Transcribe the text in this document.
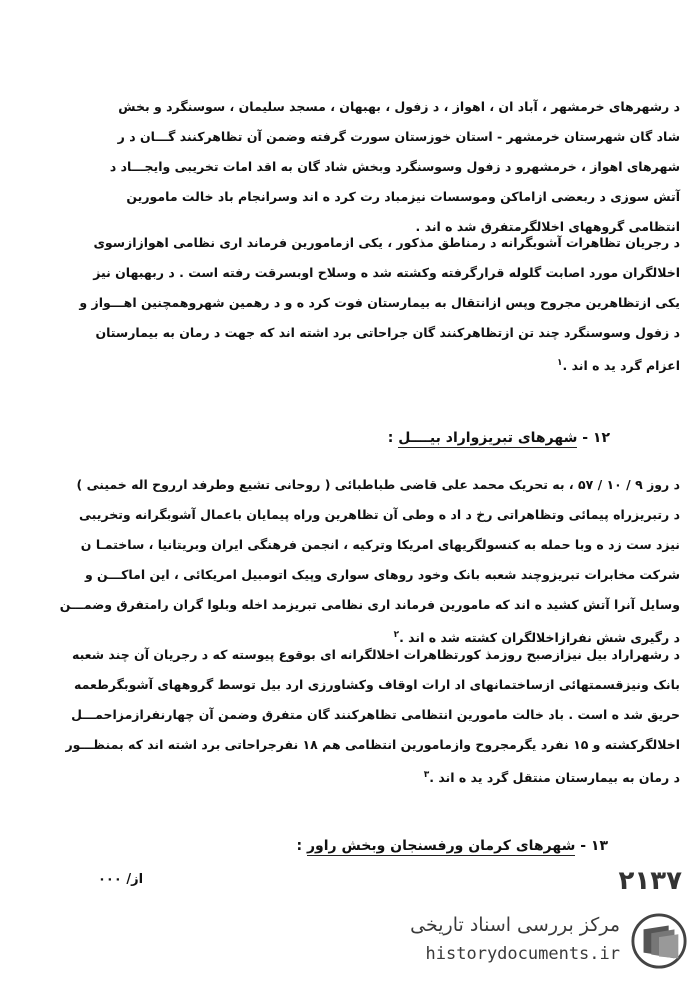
د رشهرهای خرمشهر ، آباد ان ، اهواز ، د زفول ، بهبهان ، مسجد سلیمان ، سوسنگرد و بخش
شاد گان شهرستان خرمشهر - استان خوزستان سورت گرفته وضمن آن تظاهرکنند گـــان د ر
شهرهای اهواز ، خرمشهرو د زفول وسوسنگرد وبخش شاد گان به اقد امات تخریبی وایجـــاد د
آتش سوزی د ربعضی ازاماکن وموسسات نیزمباد رت کرد ه اند وسرانجام باد خالت مامورین
انتظامی گروههای اخلالگرمتفرق شد ه اند .
د رجریان تظاهرات آشوبگرانه د رمناطق مذکور ، یکی ازمامورین فرماند اری نظامی اهوازازسوی
اخلالگران مورد اصابت گلوله قرارگرفته وکشته شد ه وسلاح اوبسرقت رفته است . د ربهبهان نیز
یکی ازتظاهرین مجروح وپس ازانتقال به بیمارستان فوت کرد ه و د رهمین شهروهمچنین اهـــواز و
د زفول وسوسنگرد چند تن ازتظاهرکنند گان جراحاتی برد اشته اند که جهت د رمان به بیمارستان
اعزام گرد ید ه اند .$^۱$
۱۲ - شهرهای تبریزواراد بیــــل :
د روز ۹ / ۱۰ / ۵۷ ، به تحریک محمد علی قاضی طباطبائی ( روحانی تشیع وطرفد ارروح اله خمینی )
د رتبریزراه پیمائی وتظاهراتی رخ د اد ه وطی آن تظاهرین وراه پیمایان باعمال آشوبگرانه وتخریبی
نیزد ست زد ه وبا حمله به کنسولگریهای امریکا وترکیه ، انجمن فرهنگی ایران وبریتانیا ، ساختمـا ن
شرکت مخابرات تبریزوچند شعبه بانک وخود روهای سواری وپیک اتومبیل امریکائی ، این اماکـــن و
وسایل آنرا آتش کشید ه اند که مامورین فرماند اری نظامی تبریزمد اخله وبلوا گران رامتفرق وضمـــن
د رگیری شش نفرازاخلالگران کشته شد ه اند .$^۲$
د رشهراراد بیل نیزازصبح روزمذ کورتظاهرات اخلالگرانه ای بوقوع پیوسته که د رجریان آن چند شعبه
بانک ونیزقسمتهائی ازساختمانهای اد ارات اوقاف وکشاورزی ارد بیل توسط گروههای آشوبگرطعمه
حریق شد ه است . باد خالت مامورین انتظامی تظاهرکنند گان متفرق وضمن آن چهارنفرازمزاحمـــل
اخلالگرکشته و ۱۵ نفرد یگرمجروح وازمامورین انتظامی هم ۱۸ نفرجراحاتی برد اشته اند که بمنظـــور
د رمان به بیمارستان منتقل گرد ید ه اند .$^۳$
۱۳ - شهرهای کرمان ورفسنجان وبخش راور :
از/ ۰۰۰	۲۱۳۷
مرکز بررسی اسناد تاریخی
historydocuments.ir
